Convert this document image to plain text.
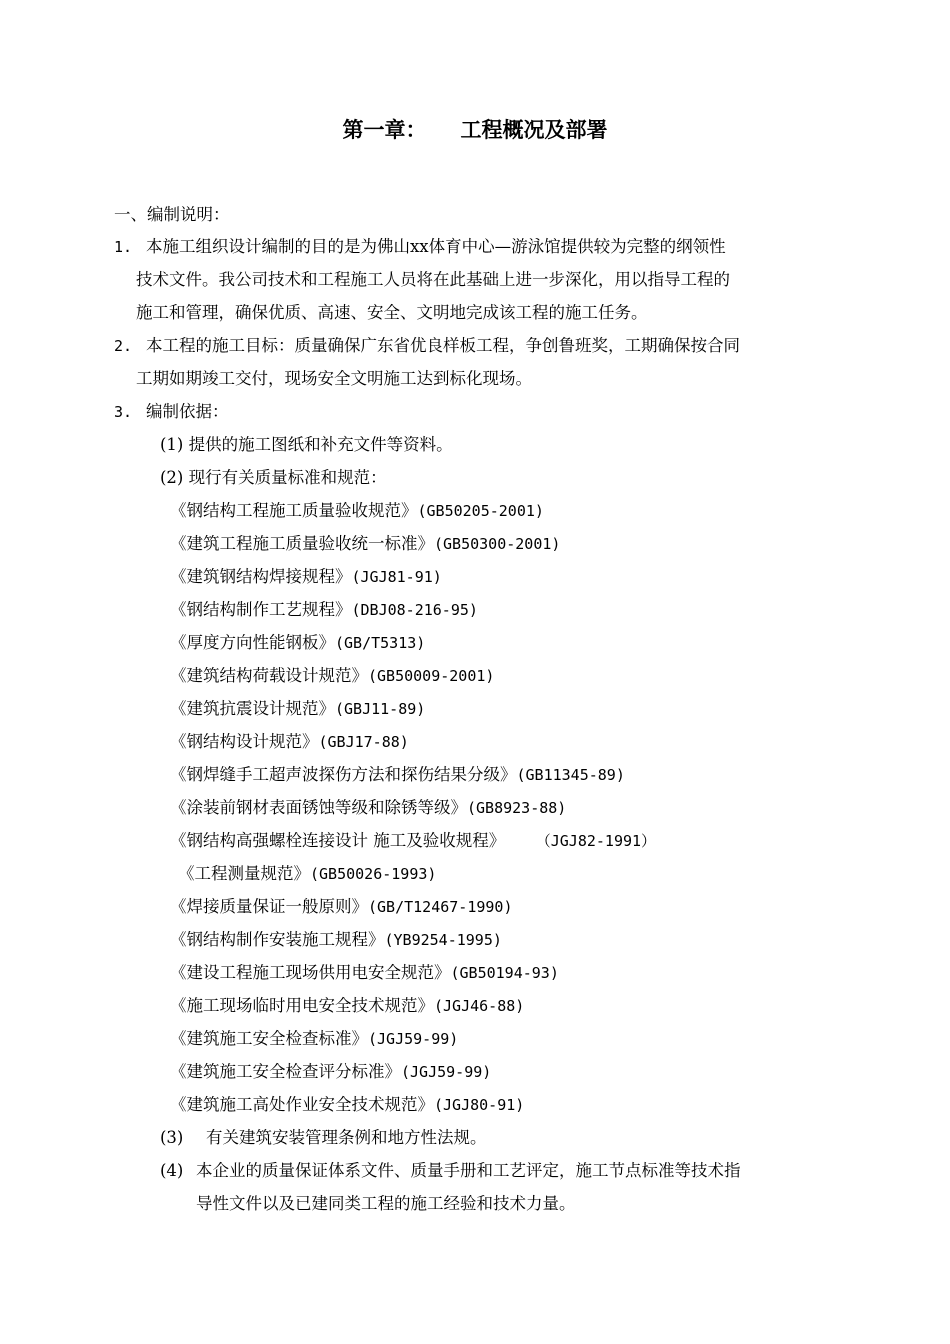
第一章： 工程概况及部署
一、编制说明：
1. 本施工组织设计编制的目的是为佛山xx体育中心—游泳馆提供较为完整的纲领性
技术文件。我公司技术和工程施工人员将在此基础上进一步深化，用以指导工程的
施工和管理，确保优质、高速、安全、文明地完成该工程的施工任务。
2. 本工程的施工目标：质量确保广东省优良样板工程，争创鲁班奖，工期确保按合同
工期如期竣工交付，现场安全文明施工达到标化现场。
3. 编制依据：
(1) 提供的施工图纸和补充文件等资料。
(2) 现行有关质量标准和规范：
《钢结构工程施工质量验收规范》(GB50205-2001)
《建筑工程施工质量验收统一标准》(GB50300-2001)
《建筑钢结构焊接规程》(JGJ81-91)
《钢结构制作工艺规程》(DBJ08-216-95)
《厚度方向性能钢板》(GB/T5313)
《建筑结构荷载设计规范》(GB50009-2001)
《建筑抗震设计规范》(GBJ11-89)
《钢结构设计规范》(GBJ17-88)
《钢焊缝手工超声波探伤方法和探伤结果分级》(GB11345-89)
《涂装前钢材表面锈蚀等级和除锈等级》(GB8923-88)
《钢结构高强螺栓连接设计 施工及验收规程》	（JGJ82-1991）
《工程测量规范》(GB50026-1993)
《焊接质量保证一般原则》(GB/T12467-1990)
《钢结构制作安装施工规程》(YB9254-1995)
《建设工程施工现场供用电安全规范》(GB50194-93)
《施工现场临时用电安全技术规范》(JGJ46-88)
《建筑施工安全检查标准》(JGJ59-99)
《建筑施工安全检查评分标准》(JGJ59-99)
《建筑施工高处作业安全技术规范》(JGJ80-91)
(3) 有关建筑安装管理条例和地方性法规。
(4) 本企业的质量保证体系文件、质量手册和工艺评定，施工节点标准等技术指
导性文件以及已建同类工程的施工经验和技术力量。
